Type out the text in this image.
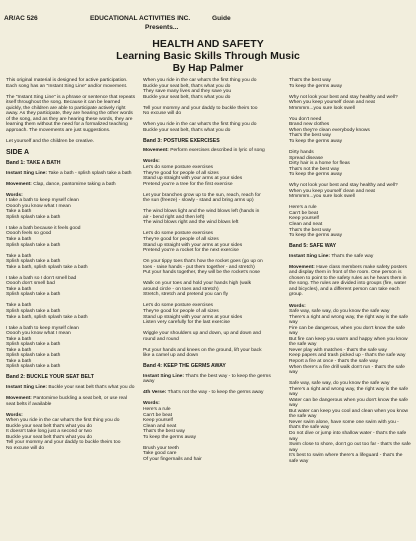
AR/AC 526	EDUCATIONAL ACTIVITIES INC.	Guide
Presents...
HEALTH AND SAFETY
Learning Basic Skills Through Music
By Hap Palmer

This original material is designed for active participation. Each song has an "Instant Sing Line" and/or movement.

The "Instant Sing Line" is a phrase or sentence that repeats itself throughout the song. Because it can be learned quickly, the children are able to participate actively right away. As they participate, they are hearing the other words of the song, and as they are hearing these words, they are learning them without the need for a formalized teaching approach. The movements are just suggestions.

Let yourself and the children be creative.

SIDE A
Band 1: TAKE A BATH

Instant Sing Line: Take a bath - splish splash take a bath

Movement: Clap, dance, pantomime taking a bath

Words:
I take a bath to keep myself clean
Ooooh you know what I mean
Take a bath
Splish splash take a bath
I take a bath because it feels good
Ooooh feels so good
Take a bath
Splish splash take a bath
Take a bath
Splish splash take a bath
Take a bath, splish splash take a bath
I take a bath so I don't smell bad
Ooooh don't smell bad
Take a bath
Splish splash take a bath
Take a bath
Splish splash take a bath
Take a bath, splish splash take a bath
I take a bath to keep myself clean
Ooooh you know what I mean
Take a bath
Splish splash take a bath
Take a bath
Splish splash take a bath
Take a bath
Splish splash take a bath
Band 2: BUCKLE YOUR SEAT BELT

Instant Sing Line: Buckle your seat belt that's what you do

Movement: Pantomime buckling a seat belt, or use real seat belts if available

Words:
When you ride in the car what's the first thing you do
Buckle your seat belt that's what you do
It doesn't take long just a second or two
Buckle your seat belt that's what you do
Tell your mommy and your daddy to buckle theirs too
No excuse will do
When you ride in the car what's the first thing you do
Buckle your seat belt, that's what you do
They save many lives and they save you
Buckle your seat belt, that's what you do
Tell your mommy and your daddy to buckle theirs too
No excuse will do
When you ride in the car what's the first thing you do
Buckle your seat belt, that's what you do
Band 3: POSTURE EXERCISES

Movement: Perform exercises described in lyric of song

Words:
Let's do some posture exercises
They're good for people of all sizes
Stand up straight with your arms at your sides
Pretend you're a tree for the first exercise
Let your branches grow up to the sun, reach, reach for
the sun (freeze) - slowly - stand and bring arms up)
The wind blows light and the wind blows left (hands in
air - bend right and then left)
The wind blows right and the wind blows left
Let's do some posture exercises
They're good for people of all sizes
Stand up straight with your arms at your sides
Pretend you're a rocket for the next exercise
On your tippy toes that's how the rocket goes (go up on
toes - raise hands - put them together - and stretch)
Put your hands together, they will be the rocket's nose
Walk on your toes and hold your hands high (walk
around circle - on toes and stretch)
Stretch, stretch and pretend you can fly
Let's do some posture exercises
They're good for people of all sizes
Stand up straight with your arms at your sides
Listen very carefully for the last exercise
Wiggle your shoulders up and down, up and down and
round and round
Put your hands and knees on the ground, lift your back
like a camel up and down
Band 4: KEEP THE GERMS AWAY

Instant Sing Line: That's the best way - to keep the germs away

4th Verse: That's not the way - to keep the germs away

Words:
Here's a rule
Can't be beat
Keep yourself
Clean and neat
That's the best way
To keep the germs away
Brush your teeth
Take good care
Of your fingernails and hair
That's the best way
To keep the germs away
Why not look your best and stay healthy and well?
When you keep yourself clean and neat
Mmmmm...you sure look swell
You don't need
Brand new clothes
When they're clean everybody knows
That's the best way
To keep the germs away
Dirty hands
Spread disease
Dirty hair is a home for fleas
That's not the best way
To keep the germs away
Why not look your best and stay healthy and well?
When you keep yourself clean and neat
Mmmmm...you sure look swell
Here's a rule
Can't be beat
Keep yourself
Clean and neat
That's the best way
To keep the germs away
Band 5: SAFE WAY

Instant Sing Line: That's the safe way

Movement: Have class members make safety posters and display them in front of the room. One person is chosen to point to the safety rules as he hears them in the song. The rules are divided into groups (fire, water and bicycles), and a different person can take each group.

Words:
Safe way, safe way, do you know the safe way
There's a right and wrong way, the right way is the safe
way
Fire can be dangerous, when you don't know the safe
way
But fire can keep you warm and happy when you know
the safe way
Never play with matches - that's the safe way
Keep papers and trash picked up - that's the safe way
Report a fire at once - that's the safe way
When there's a fire drill walk don't run - that's the safe
way
Safe way, safe way, do you know the safe way
There's a right and wrong way, the right way is the safe
way
Water can be dangerous when you don't know the safe
way
But water can keep you cool and clean when you know
the safe way
Never swim alone, have some one swim with you -
that's the safe way
Do not dive or jump into shallow water - that's the safe
way
Swim close to shore, don't go out too far - that's the safe
way
It's best to swim where there's a lifeguard - that's the
safe way
